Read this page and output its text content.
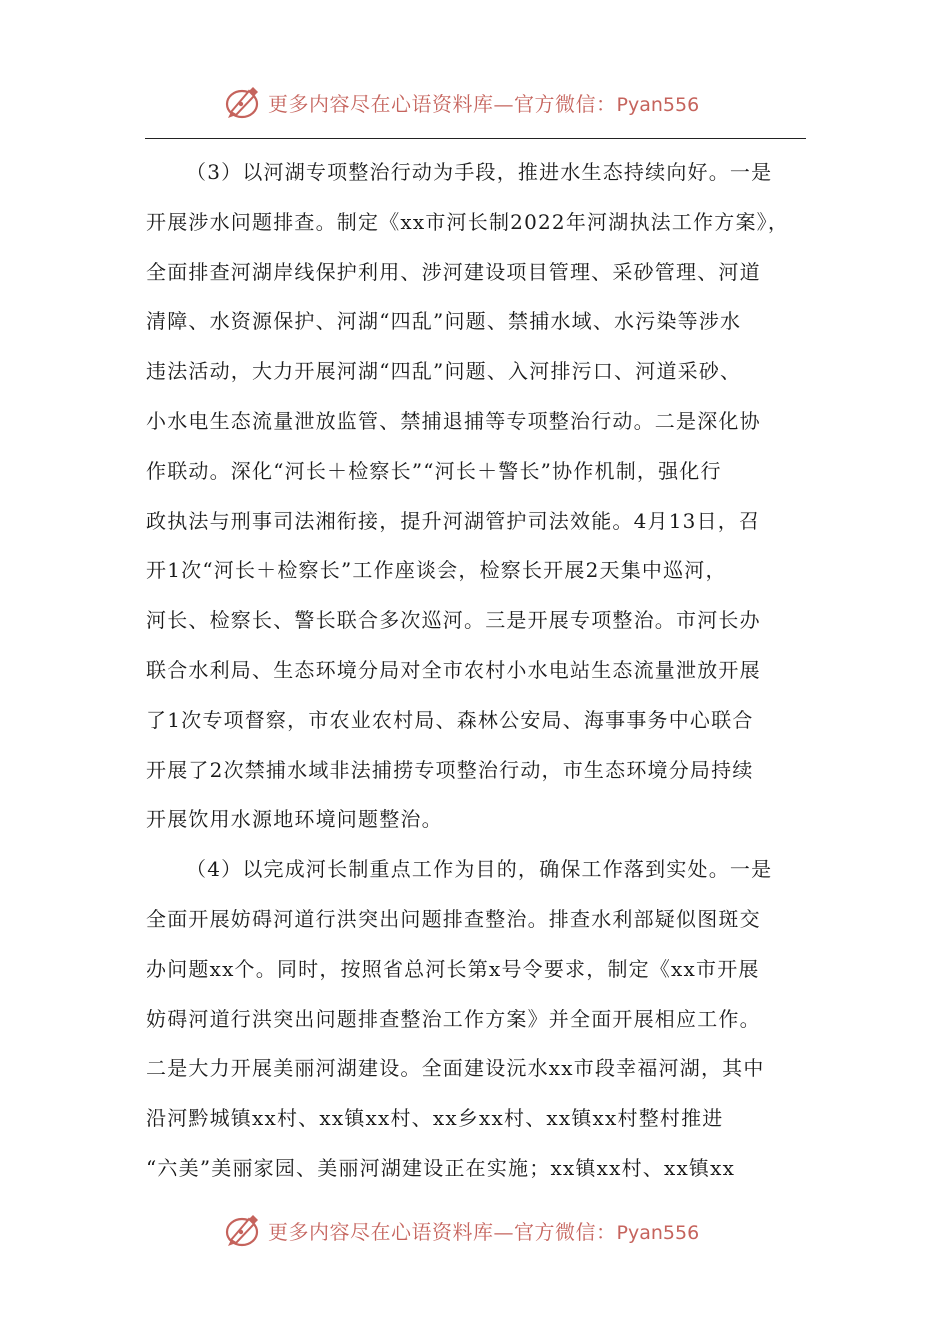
更多内容尽在心语资料库—官方微信：Pyan556
（3）以河湖专项整治行动为手段，推进水生态持续向好。一是
开展涉水问题排查。制定《xx市河长制2022年河湖执法工作方案》，
全面排查河湖岸线保护利用、涉河建设项目管理、采砂管理、河道
清障、水资源保护、河湖“四乱”问题、禁捕水域、水污染等涉水
违法活动，大力开展河湖“四乱”问题、入河排污口、河道采砂、
小水电生态流量泄放监管、禁捕退捕等专项整治行动。二是深化协
作联动。深化“河长＋检察长”“河长＋警长”协作机制，强化行
政执法与刑事司法湘衔接，提升河湖管护司法效能。4月13日，召
开1次“河长＋检察长”工作座谈会，检察长开展2天集中巡河，
河长、检察长、警长联合多次巡河。三是开展专项整治。市河长办
联合水利局、生态环境分局对全市农村小水电站生态流量泄放开展
了1次专项督察，市农业农村局、森林公安局、海事事务中心联合
开展了2次禁捕水域非法捕捞专项整治行动，市生态环境分局持续
开展饮用水源地环境问题整治。
（4）以完成河长制重点工作为目的，确保工作落到实处。一是
全面开展妨碍河道行洪突出问题排查整治。排查水利部疑似图斑交
办问题xx个。同时，按照省总河长第x号令要求，制定《xx市开展
妨碍河道行洪突出问题排查整治工作方案》并全面开展相应工作。
二是大力开展美丽河湖建设。全面建设沅水xx市段幸福河湖，其中
沿河黔城镇xx村、xx镇xx村、xx乡xx村、xx镇xx村整村推进
“六美”美丽家园、美丽河湖建设正在实施；xx镇xx村、xx镇xx
更多内容尽在心语资料库—官方微信：Pyan556
